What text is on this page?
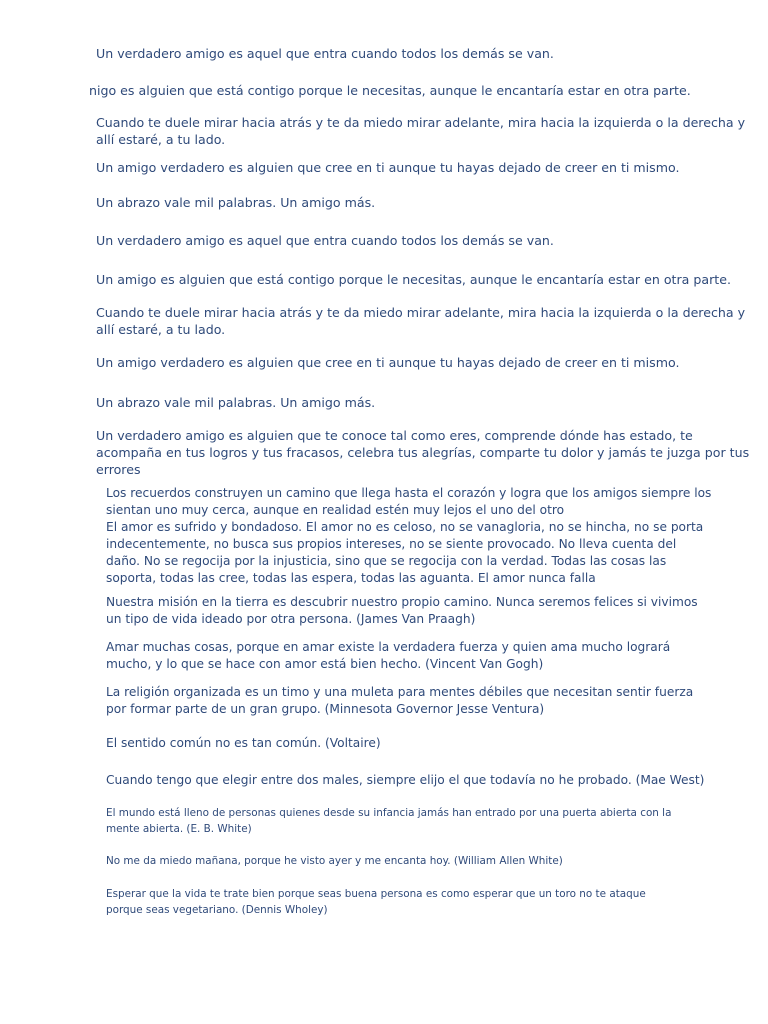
Un verdadero amigo es aquel que entra cuando todos los demás se van.

nigo es alguien que está contigo porque le necesitas, aunque le encantaría estar en otra parte.

Cuando te duele mirar hacia atrás y te da miedo mirar adelante, mira hacia la izquierda o la derecha y
allí estaré, a tu lado.

Un amigo verdadero es alguien que cree en ti aunque tu hayas dejado de creer en ti mismo.

Un abrazo vale mil palabras. Un amigo más.

Un verdadero amigo es aquel que entra cuando todos los demás se van.

Un amigo es alguien que está contigo porque le necesitas, aunque le encantaría estar en otra parte.

Cuando te duele mirar hacia atrás y te da miedo mirar adelante, mira hacia la izquierda o la derecha y
allí estaré, a tu lado.

Un amigo verdadero es alguien que cree en ti aunque tu hayas dejado de creer en ti mismo.

Un abrazo vale mil palabras. Un amigo más.

Un verdadero amigo es alguien que te conoce tal como eres, comprende dónde has estado, te
acompaña en tus logros y tus fracasos, celebra tus alegrías, comparte tu dolor y jamás te juzga por tus
errores

Los recuerdos construyen un camino que llega hasta el corazón y logra que los amigos siempre los
sientan uno muy cerca, aunque en realidad estén muy lejos el uno del otro
El amor es sufrido y bondadoso. El amor no es celoso, no se vanagloria, no se hincha, no se porta
indecentemente, no busca sus propios intereses, no se siente provocado. No lleva cuenta del
daño. No se regocija por la injusticia, sino que se regocija con la verdad. Todas las cosas las
soporta, todas las cree, todas las espera, todas las aguanta. El amor nunca falla

Nuestra misión en la tierra es descubrir nuestro propio camino. Nunca seremos felices si vivimos
un tipo de vida ideado por otra persona. (James Van Praagh)

Amar muchas cosas, porque en amar existe la verdadera fuerza y quien ama mucho logrará
mucho, y lo que se hace con amor está bien hecho. (Vincent Van Gogh)

La religión organizada es un timo y una muleta para mentes débiles que necesitan sentir fuerza
por formar parte de un gran grupo. (Minnesota Governor Jesse Ventura)

El sentido común no es tan común. (Voltaire)

Cuando tengo que elegir entre dos males, siempre elijo el que todavía no he probado. (Mae West)

El mundo está lleno de personas quienes desde su infancia jamás han entrado por una puerta abierta con la
mente abierta. (E. B. White)

No me da miedo mañana, porque he visto ayer y me encanta hoy. (William Allen White)

Esperar que la vida te trate bien porque seas buena persona es como esperar que un toro no te ataque
porque seas vegetariano. (Dennis Wholey)
